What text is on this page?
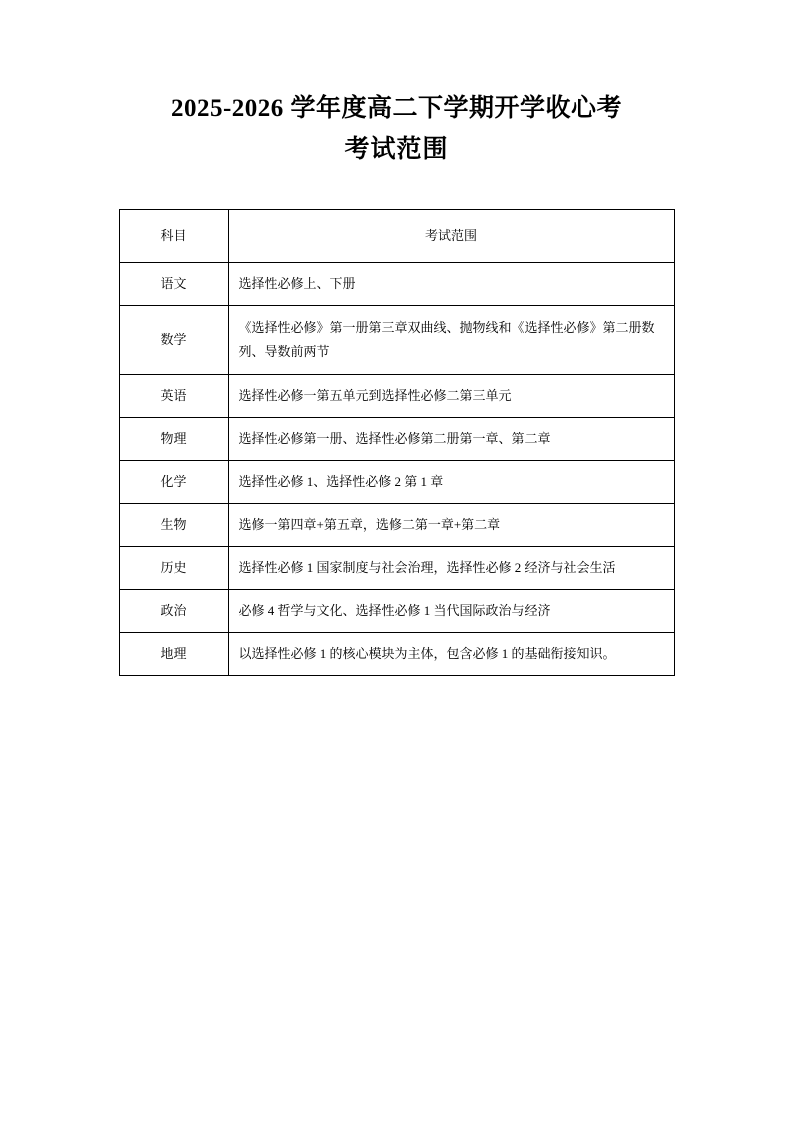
2025-2026 学年度高二下学期开学收心考
考试范围
科目	考试范围
语文	选择性必修上、下册
数学	《选择性必修》第一册第三章双曲线、抛物线和《选择性必修》第二册数列、导数前两节
英语	选择性必修一第五单元到选择性必修二第三单元
物理	选择性必修第一册、选择性必修第二册第一章、第二章
化学	选择性必修 1、选择性必修 2 第 1 章
生物	选修一第四章+第五章，选修二第一章+第二章
历史	选择性必修 1 国家制度与社会治理，选择性必修 2 经济与社会生活
政治	必修 4 哲学与文化、选择性必修 1 当代国际政治与经济
地理	以选择性必修 1 的核心模块为主体，包含必修 1 的基础衔接知识。
